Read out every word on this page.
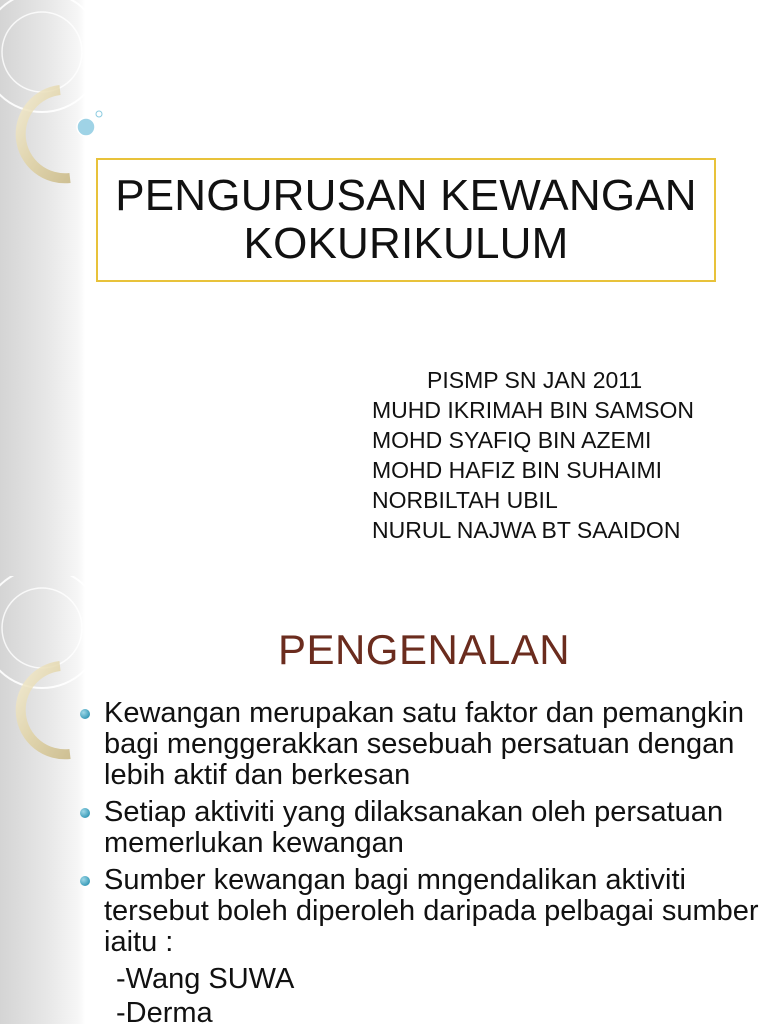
PENGURUSAN KEWANGAN
KOKURIKULUM
PISMP SN JAN 2011
MUHD IKRIMAH BIN SAMSON
MOHD SYAFIQ BIN AZEMI
MOHD HAFIZ BIN SUHAIMI
NORBILTAH UBIL
NURUL NAJWA BT SAAIDON
PENGENALAN
Kewangan merupakan satu faktor dan pemangkin bagi menggerakkan sesebuah persatuan dengan lebih aktif dan berkesan
Setiap aktiviti yang dilaksanakan oleh persatuan memerlukan kewangan
Sumber kewangan bagi mngendalikan aktiviti tersebut boleh diperoleh daripada pelbagai sumber iaitu :
-Wang SUWA
-Derma
